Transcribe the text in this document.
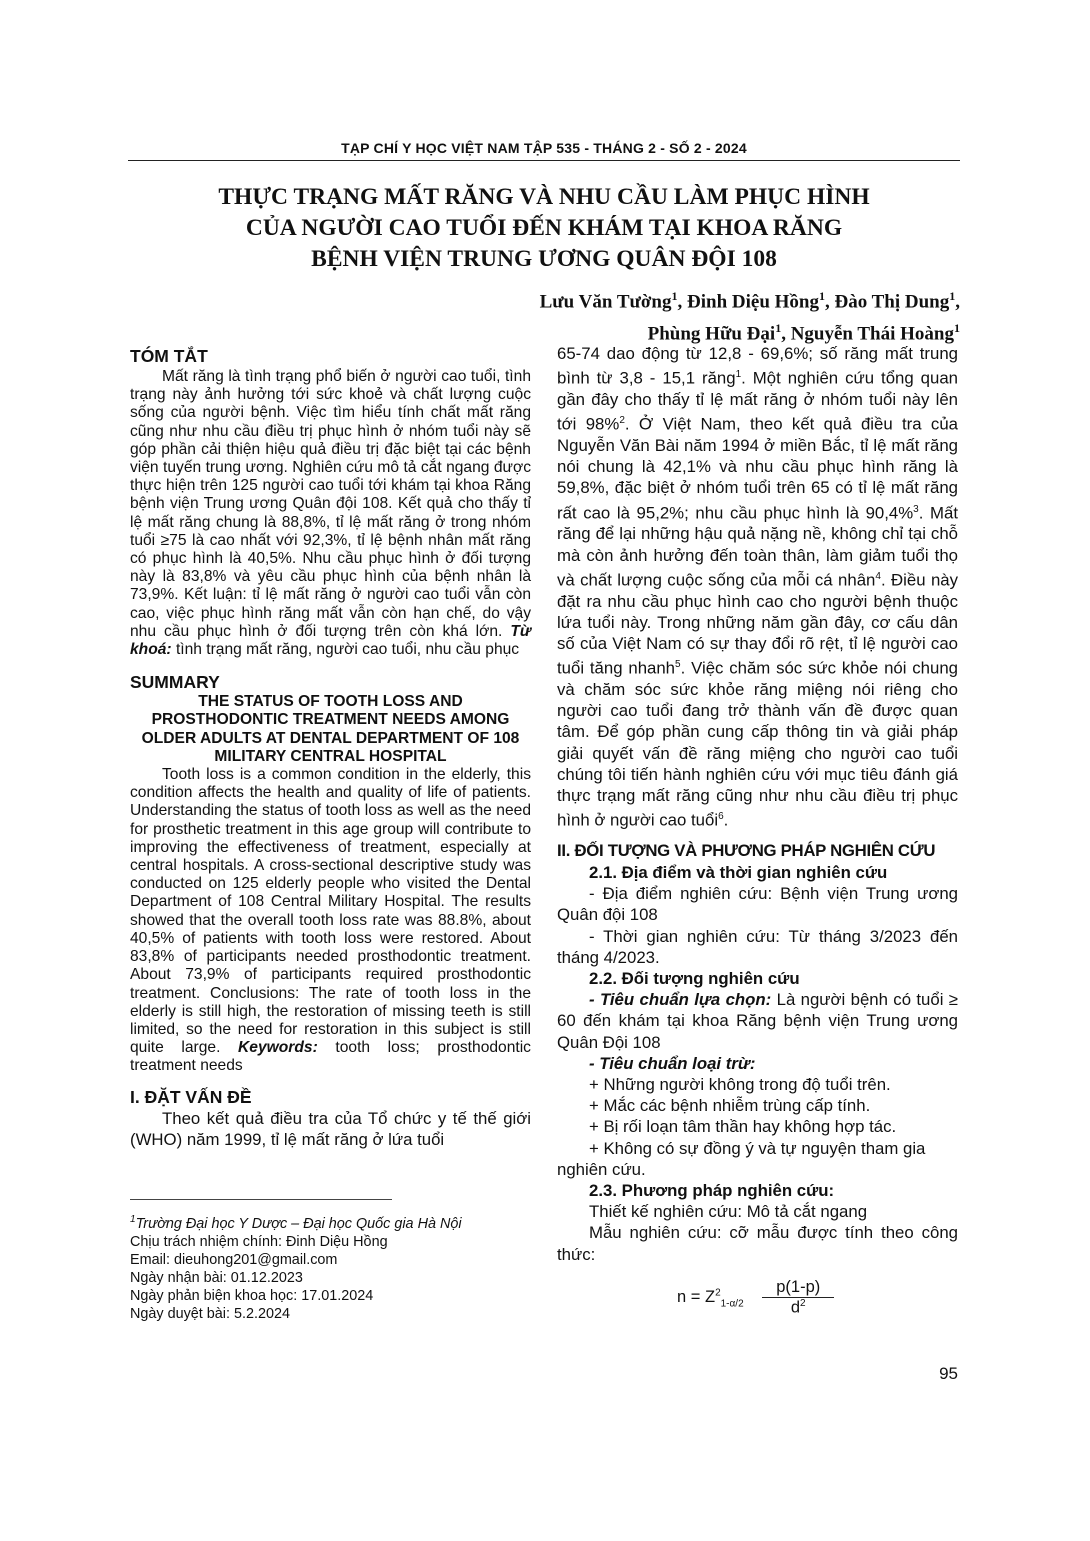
TẠP CHÍ Y HỌC VIỆT NAM TẬP 535 - THÁNG 2 - SỐ 2 - 2024
THỰC TRẠNG MẤT RĂNG VÀ NHU CẦU LÀM PHỤC HÌNH
CỦA NGƯỜI CAO TUỔI ĐẾN KHÁM TẠI KHOA RĂNG
BỆNH VIỆN TRUNG ƯƠNG QUÂN ĐỘI 108
Lưu Văn Tường$^1$, Đinh Diệu Hồng$^1$, Đào Thị Dung$^1$,
Phùng Hữu Đại$^1$, Nguyễn Thái Hoàng$^1$
TÓM TẮT

Mất răng là tình trạng phổ biến ở người cao tuổi, tình trạng này ảnh hưởng tới sức khoẻ và chất lượng cuộc sống của người bệnh. Việc tìm hiểu tính chất mất răng cũng như nhu cầu điều trị phục hình ở nhóm tuổi này sẽ góp phần cải thiện hiệu quả điều trị đặc biệt tại các bệnh viện tuyến trung ương. Nghiên cứu mô tả cắt ngang được thực hiện trên 125 người cao tuổi tới khám tại khoa Răng bệnh viện Trung ương Quân đội 108. Kết quả cho thấy tỉ lệ mất răng chung là 88,8%, tỉ lệ mất răng ở trong nhóm tuổi ≥75 là cao nhất với 92,3%, tỉ lệ bệnh nhân mất răng có phục hình là 40,5%. Nhu cầu phục hình ở đối tượng này là 83,8% và yêu cầu phục hình của bệnh nhân là 73,9%. Kết luận: tỉ lệ mất răng ở người cao tuổi vẫn còn cao, việc phục hình răng mất vẫn còn hạn chế, do vậy nhu cầu phục hình ở đối tượng trên còn khá lớn. Từ khoá: tình trạng mất răng, người cao tuổi, nhu cầu phục

SUMMARY
THE STATUS OF TOOTH LOSS AND PROSTHODONTIC TREATMENT NEEDS AMONG OLDER ADULTS AT DENTAL DEPARTMENT OF 108 MILITARY CENTRAL HOSPITAL

Tooth loss is a common condition in the elderly, this condition affects the health and quality of life of patients. Understanding the status of tooth loss as well as the need for prosthetic treatment in this age group will contribute to improving the effectiveness of treatment, especially at central hospitals. A cross-sectional descriptive study was conducted on 125 elderly people who visited the Dental Department of 108 Central Military Hospital. The results showed that the overall tooth loss rate was 88.8%, about 40,5% of patients with tooth loss were restored. About 83,8% of participants needed prosthodontic treatment. About 73,9% of participants required prosthodontic treatment. Conclusions: The rate of tooth loss in the elderly is still high, the restoration of missing teeth is still limited, so the need for restoration in this subject is still quite large. Keywords: tooth loss; prosthodontic treatment needs

I. ĐẶT VẤN ĐỀ

Theo kết quả điều tra của Tổ chức y tế thế giới (WHO) năm 1999, tỉ lệ mất răng ở lứa tuổi

$^1$Trường Đại học Y Dược – Đại học Quốc gia Hà Nội
Chịu trách nhiệm chính: Đinh Diệu Hồng
Email: dieuhong201@gmail.com
Ngày nhận bài: 01.12.2023
Ngày phản biện khoa học: 17.01.2024
Ngày duyệt bài: 5.2.2024

65-74 dao động từ 12,8 - 69,6%; số răng mất trung bình từ 3,8 - 15,1 răng$^1$. Một nghiên cứu tổng quan gần đây cho thấy tỉ lệ mất răng ở nhóm tuổi này lên tới 98%$^2$. Ở Việt Nam, theo kết quả điều tra của Nguyễn Văn Bài năm 1994 ở miền Bắc, tỉ lệ mất răng nói chung là 42,1% và nhu cầu phục hình răng là 59,8%, đặc biệt ở nhóm tuổi trên 65 có tỉ lệ mất răng rất cao là 95,2%; nhu cầu phục hình là 90,4%$^3$. Mất răng để lại những hậu quả nặng nề, không chỉ tại chỗ mà còn ảnh hưởng đến toàn thân, làm giảm tuổi thọ và chất lượng cuộc sống của mỗi cá nhân$^4$. Điều này đặt ra nhu cầu phục hình cao cho người bệnh thuộc lứa tuổi này. Trong những năm gần đây, cơ cấu dân số của Việt Nam có sự thay đổi rõ rệt, tỉ lệ người cao tuổi tăng nhanh$^5$. Việc chăm sóc sức khỏe nói chung và chăm sóc sức khỏe răng miệng nói riêng cho người cao tuổi đang trở thành vấn đề được quan tâm. Để góp phần cung cấp thông tin và giải pháp giải quyết vấn đề răng miệng cho người cao tuổi chúng tôi tiến hành nghiên cứu với mục tiêu đánh giá thực trạng mất răng cũng như nhu cầu điều trị phục hình ở người cao tuổi$^6$.

II. ĐỐI TƯỢNG VÀ PHƯƠNG PHÁP NGHIÊN CỨU

2.1. Địa điểm và thời gian nghiên cứu

- Địa điểm nghiên cứu: Bệnh viện Trung ương Quân đội 108

- Thời gian nghiên cứu: Từ tháng 3/2023 đến tháng 4/2023.

2.2. Đối tượng nghiên cứu

- Tiêu chuẩn lựa chọn: Là người bệnh có tuổi ≥ 60 đến khám tại khoa Răng bệnh viện Trung ương Quân Đội 108

- Tiêu chuẩn loại trừ:

+ Những người không trong độ tuổi trên.

+ Mắc các bệnh nhiễm trùng cấp tính.

+ Bị rối loạn tâm thần hay không hợp tác.

+ Không có sự đồng ý và tự nguyện tham gia nghiên cứu.

2.3. Phương pháp nghiên cứu:

Thiết kế nghiên cứu: Mô tả cắt ngang

Mẫu nghiên cứu: cỡ mẫu được tính theo công thức:

$n = Z^2_{1-\alpha/2} \frac{p(1-p)}{d^2}$
95
